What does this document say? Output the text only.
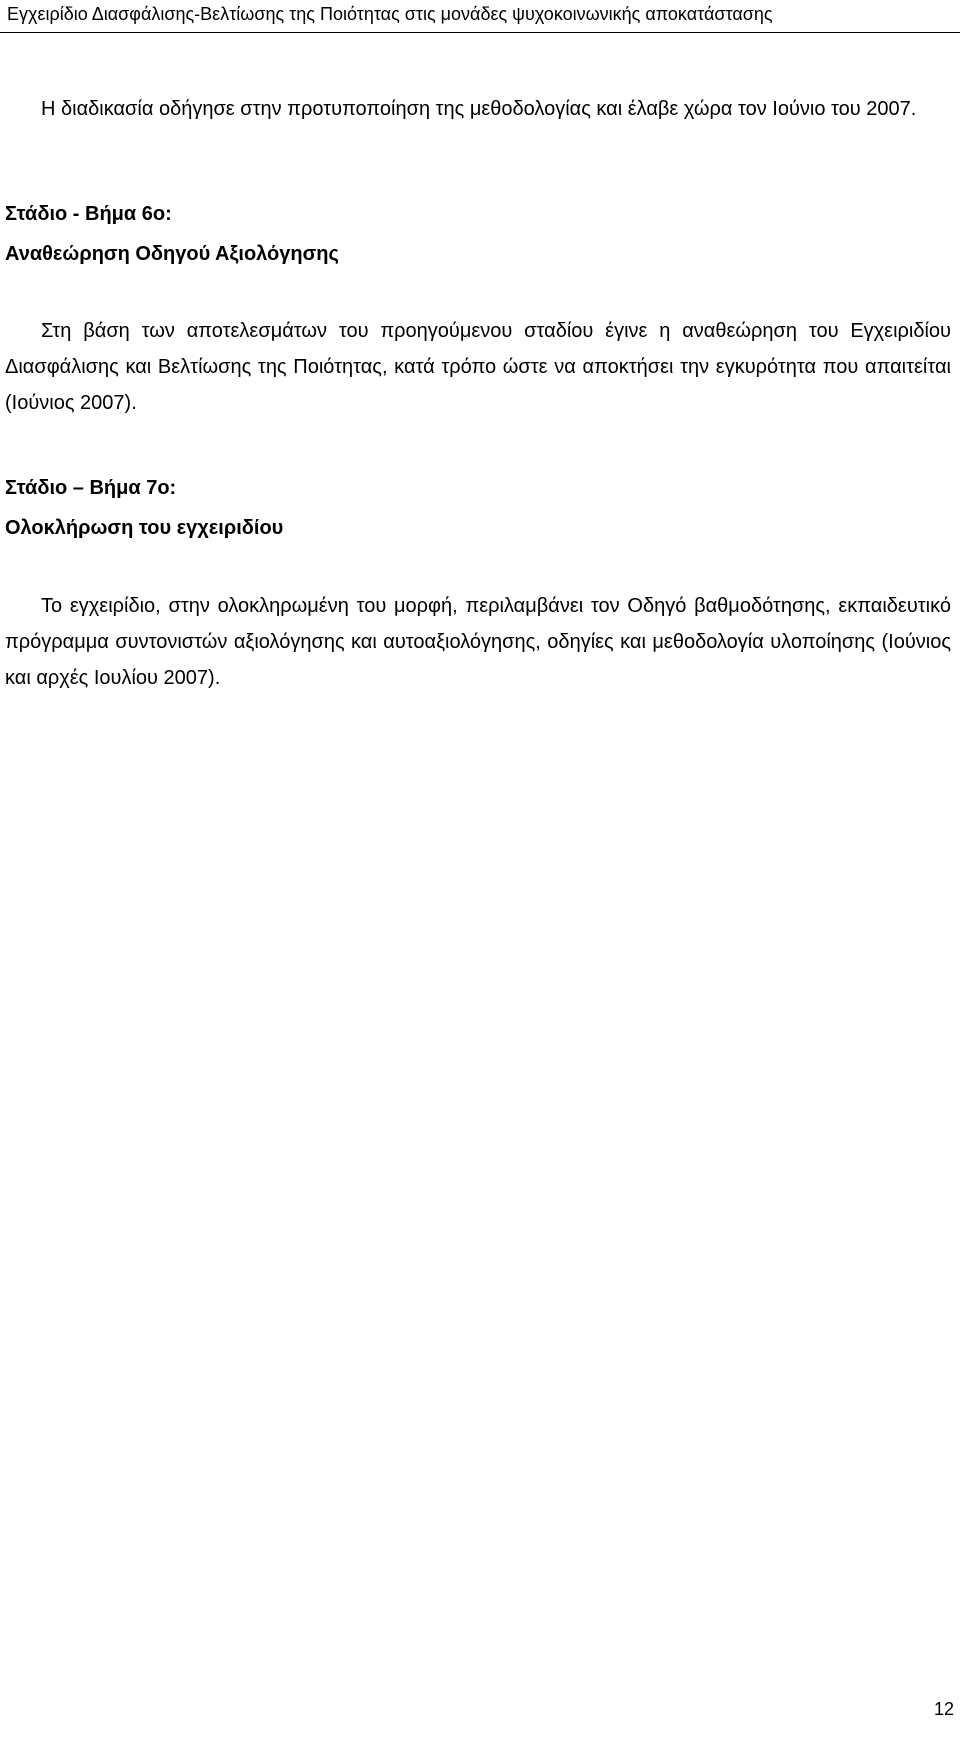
Εγχειρίδιο Διασφάλισης-Βελτίωσης της Ποιότητας στις μονάδες ψυχοκοινωνικής αποκατάστασης

Η διαδικασία οδήγησε στην προτυποποίηση της μεθοδολογίας και έλαβε χώρα τον Ιούνιο του 2007.

Στάδιο - Βήμα 6ο:

Αναθεώρηση Οδηγού Αξιολόγησης

Στη βάση των αποτελεσμάτων του προηγούμενου σταδίου έγινε η αναθεώρηση του Εγχειριδίου Διασφάλισης και Βελτίωσης της Ποιότητας, κατά τρόπο ώστε να αποκτήσει την εγκυρότητα που απαιτείται (Ιούνιος 2007).

Στάδιο – Βήμα 7ο:

Ολοκλήρωση του εγχειριδίου

Το εγχειρίδιο, στην ολοκληρωμένη του μορφή, περιλαμβάνει τον Οδηγό βαθμοδότησης, εκπαιδευτικό πρόγραμμα συντονιστών αξιολόγησης και αυτοαξιολόγησης, οδηγίες και μεθοδολογία υλοποίησης (Ιούνιος και αρχές Ιουλίου 2007).

12
